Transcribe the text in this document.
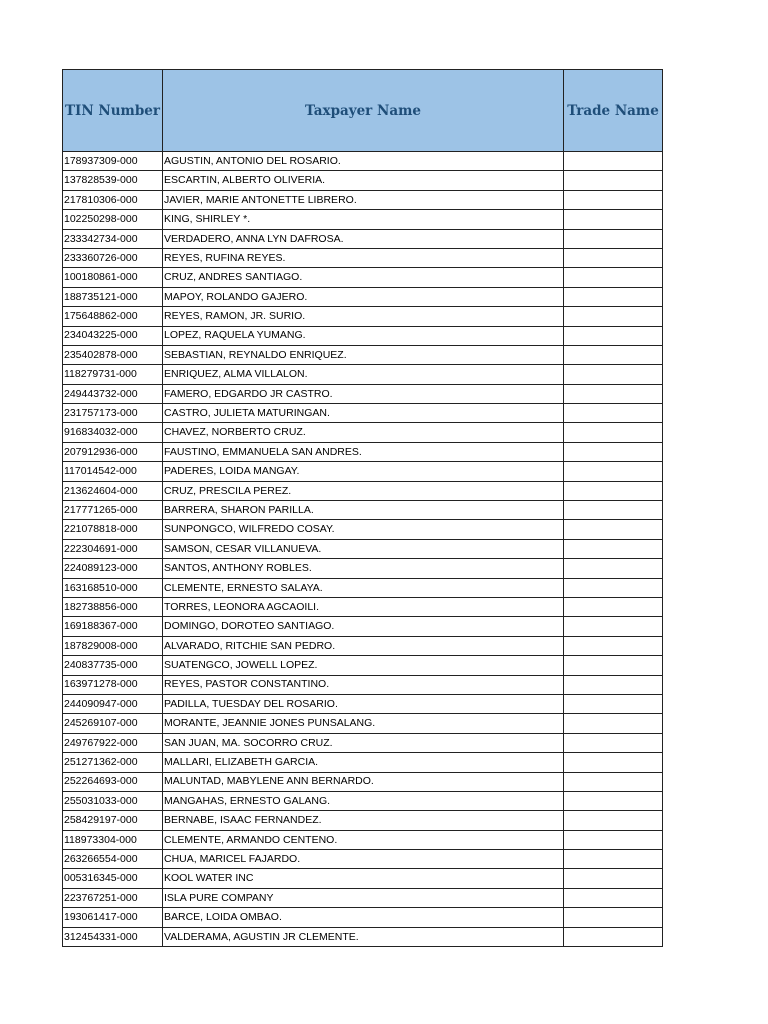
TIN Number	Taxpayer Name	Trade Name
178937309-000	AGUSTIN, ANTONIO DEL ROSARIO.	
137828539-000	ESCARTIN, ALBERTO OLIVERIA.	
217810306-000	JAVIER, MARIE ANTONETTE LIBRERO.	
102250298-000	KING, SHIRLEY *.	
233342734-000	VERDADERO, ANNA LYN DAFROSA.	
233360726-000	REYES, RUFINA REYES.	
100180861-000	CRUZ, ANDRES SANTIAGO.	
188735121-000	MAPOY, ROLANDO GAJERO.	
175648862-000	REYES, RAMON, JR. SURIO.	
234043225-000	LOPEZ, RAQUELA YUMANG.	
235402878-000	SEBASTIAN, REYNALDO ENRIQUEZ.	
118279731-000	ENRIQUEZ, ALMA VILLALON.	
249443732-000	FAMERO, EDGARDO JR CASTRO.	
231757173-000	CASTRO, JULIETA MATURINGAN.	
916834032-000	CHAVEZ, NORBERTO CRUZ.	
207912936-000	FAUSTINO, EMMANUELA SAN ANDRES.	
117014542-000	PADERES, LOIDA MANGAY.	
213624604-000	CRUZ, PRESCILA PEREZ.	
217771265-000	BARRERA, SHARON PARILLA.	
221078818-000	SUNPONGCO, WILFREDO COSAY.	
222304691-000	SAMSON, CESAR VILLANUEVA.	
224089123-000	SANTOS, ANTHONY ROBLES.	
163168510-000	CLEMENTE, ERNESTO SALAYA.	
182738856-000	TORRES, LEONORA AGCAOILI.	
169188367-000	DOMINGO, DOROTEO SANTIAGO.	
187829008-000	ALVARADO, RITCHIE SAN PEDRO.	
240837735-000	SUATENGCO, JOWELL LOPEZ.	
163971278-000	REYES, PASTOR CONSTANTINO.	
244090947-000	PADILLA, TUESDAY DEL ROSARIO.	
245269107-000	MORANTE, JEANNIE JONES PUNSALANG.	
249767922-000	SAN JUAN, MA. SOCORRO CRUZ.	
251271362-000	MALLARI, ELIZABETH GARCIA.	
252264693-000	MALUNTAD, MABYLENE ANN BERNARDO.	
255031033-000	MANGAHAS, ERNESTO GALANG.	
258429197-000	BERNABE, ISAAC FERNANDEZ.	
118973304-000	CLEMENTE, ARMANDO CENTENO.	
263266554-000	CHUA, MARICEL FAJARDO.	
005316345-000	KOOL WATER INC	
223767251-000	ISLA PURE COMPANY	
193061417-000	BARCE, LOIDA OMBAO.	
312454331-000	VALDERAMA, AGUSTIN JR CLEMENTE.	
